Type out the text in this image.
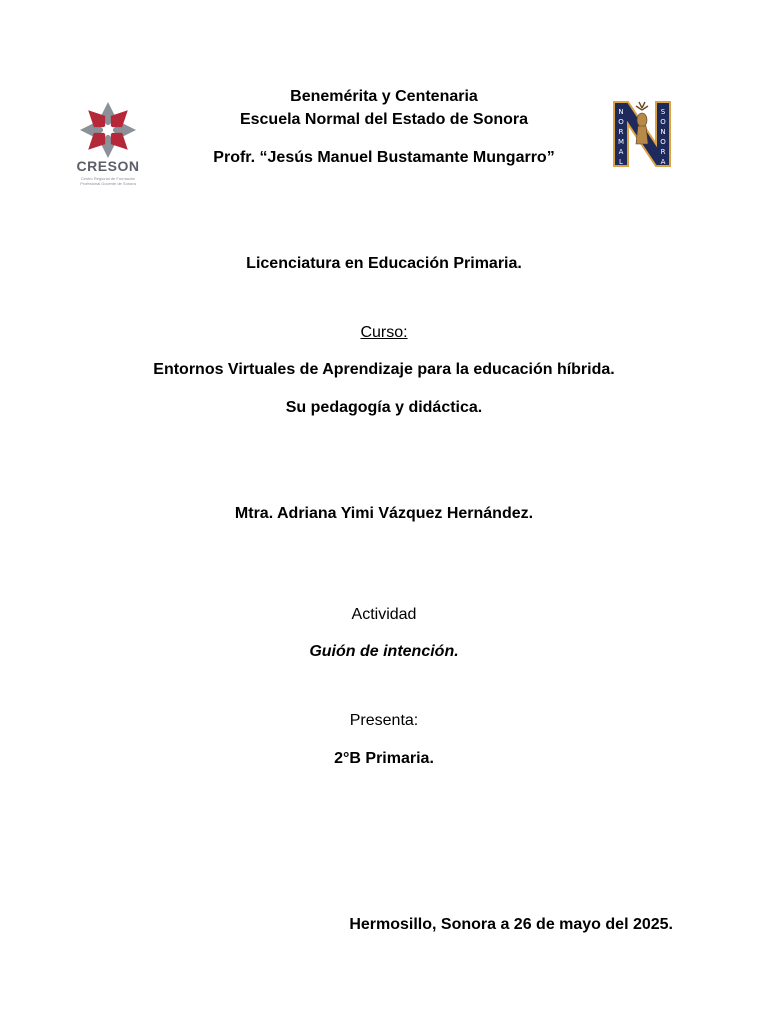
CRESON
Centro Regional de Formación Profesional Docente de Sonora
N
O
R
M
A
L
S
O
N
O
R
A
Benemérita y Centenaria
Escuela Normal del Estado de Sonora
Profr. “Jesús Manuel Bustamante Mungarro”
Licenciatura en Educación Primaria.
Curso:
Entornos Virtuales de Aprendizaje para la educación híbrida.
Su pedagogía y didáctica.
Mtra. Adriana Yimi Vázquez Hernández.
Actividad
Guión de intención.
Presenta:
2°B Primaria.
Hermosillo, Sonora a 26 de mayo del 2025.
